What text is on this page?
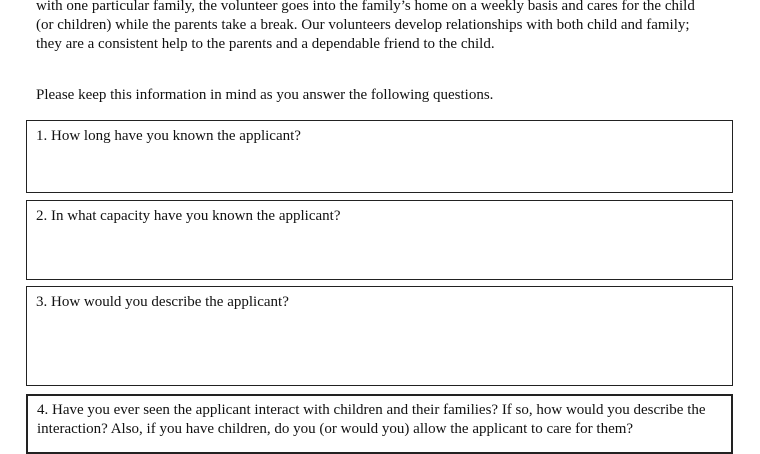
with one particular family, the volunteer goes into the family’s home on a weekly basis and cares for the child
(or children) while the parents take a break. Our volunteers develop relationships with both child and family;
they are a consistent help to the parents and a dependable friend to the child.

Please keep this information in mind as you answer the following questions.

1. How long have you known the applicant?
2. In what capacity have you known the applicant?
3. How would you describe the applicant?
4. Have you ever seen the applicant interact with children and their families? If so, how would you describe the
interaction? Also, if you have children, do you (or would you) allow the applicant to care for them?
